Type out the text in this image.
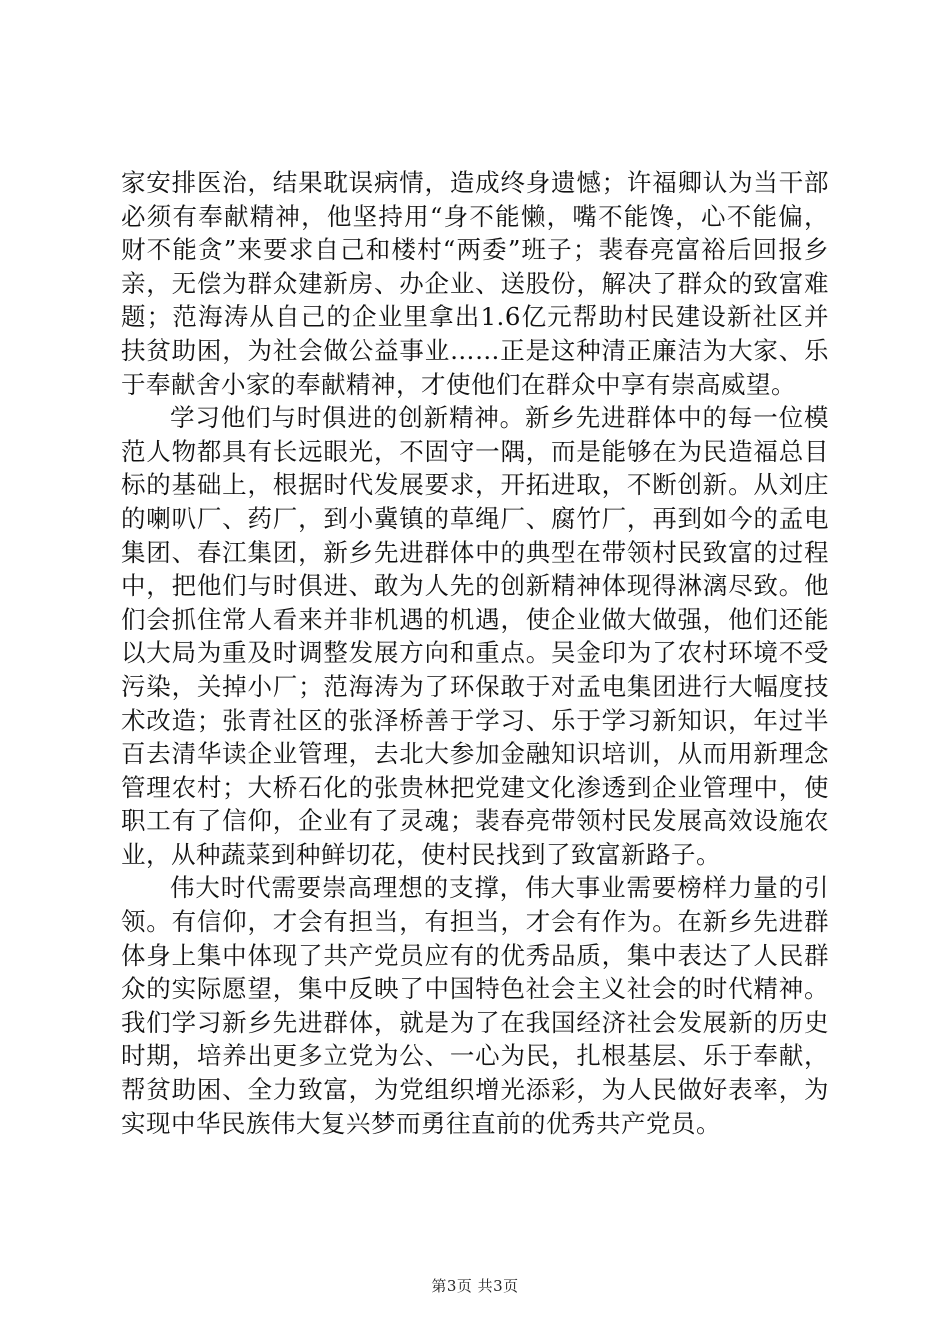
家安排医治，结果耽误病情，造成终身遗憾；许福卿认为当干部必须有奉献精神，他坚持用“身不能懒，嘴不能馋，心不能偏，财不能贪”来要求自己和楼村“两委”班子；裴春亮富裕后回报乡亲，无偿为群众建新房、办企业、送股份，解决了群众的致富难题；范海涛从自己的企业里拿出1.6亿元帮助村民建设新社区并扶贫助困，为社会做公益事业……正是这种清正廉洁为大家、乐于奉献舍小家的奉献精神，才使他们在群众中享有崇高威望。

学习他们与时俱进的创新精神。新乡先进群体中的每一位模范人物都具有长远眼光，不固守一隅，而是能够在为民造福总目标的基础上，根据时代发展要求，开拓进取，不断创新。从刘庄的喇叭厂、药厂，到小冀镇的草绳厂、腐竹厂，再到如今的孟电集团、春江集团，新乡先进群体中的典型在带领村民致富的过程中，把他们与时俱进、敢为人先的创新精神体现得淋漓尽致。他们会抓住常人看来并非机遇的机遇，使企业做大做强，他们还能以大局为重及时调整发展方向和重点。吴金印为了农村环境不受污染，关掉小厂；范海涛为了环保敢于对孟电集团进行大幅度技术改造；张青社区的张泽桥善于学习、乐于学习新知识，年过半百去清华读企业管理，去北大参加金融知识培训，从而用新理念管理农村；大桥石化的张贵林把党建文化渗透到企业管理中，使职工有了信仰，企业有了灵魂；裴春亮带领村民发展高效设施农业，从种蔬菜到种鲜切花，使村民找到了致富新路子。

伟大时代需要崇高理想的支撑，伟大事业需要榜样力量的引领。有信仰，才会有担当，有担当，才会有作为。在新乡先进群体身上集中体现了共产党员应有的优秀品质，集中表达了人民群众的实际愿望，集中反映了中国特色社会主义社会的时代精神。我们学习新乡先进群体，就是为了在我国经济社会发展新的历史时期，培养出更多立党为公、一心为民，扎根基层、乐于奉献，帮贫助困、全力致富，为党组织增光添彩，为人民做好表率，为实现中华民族伟大复兴梦而勇往直前的优秀共产党员。

第3页 共3页
